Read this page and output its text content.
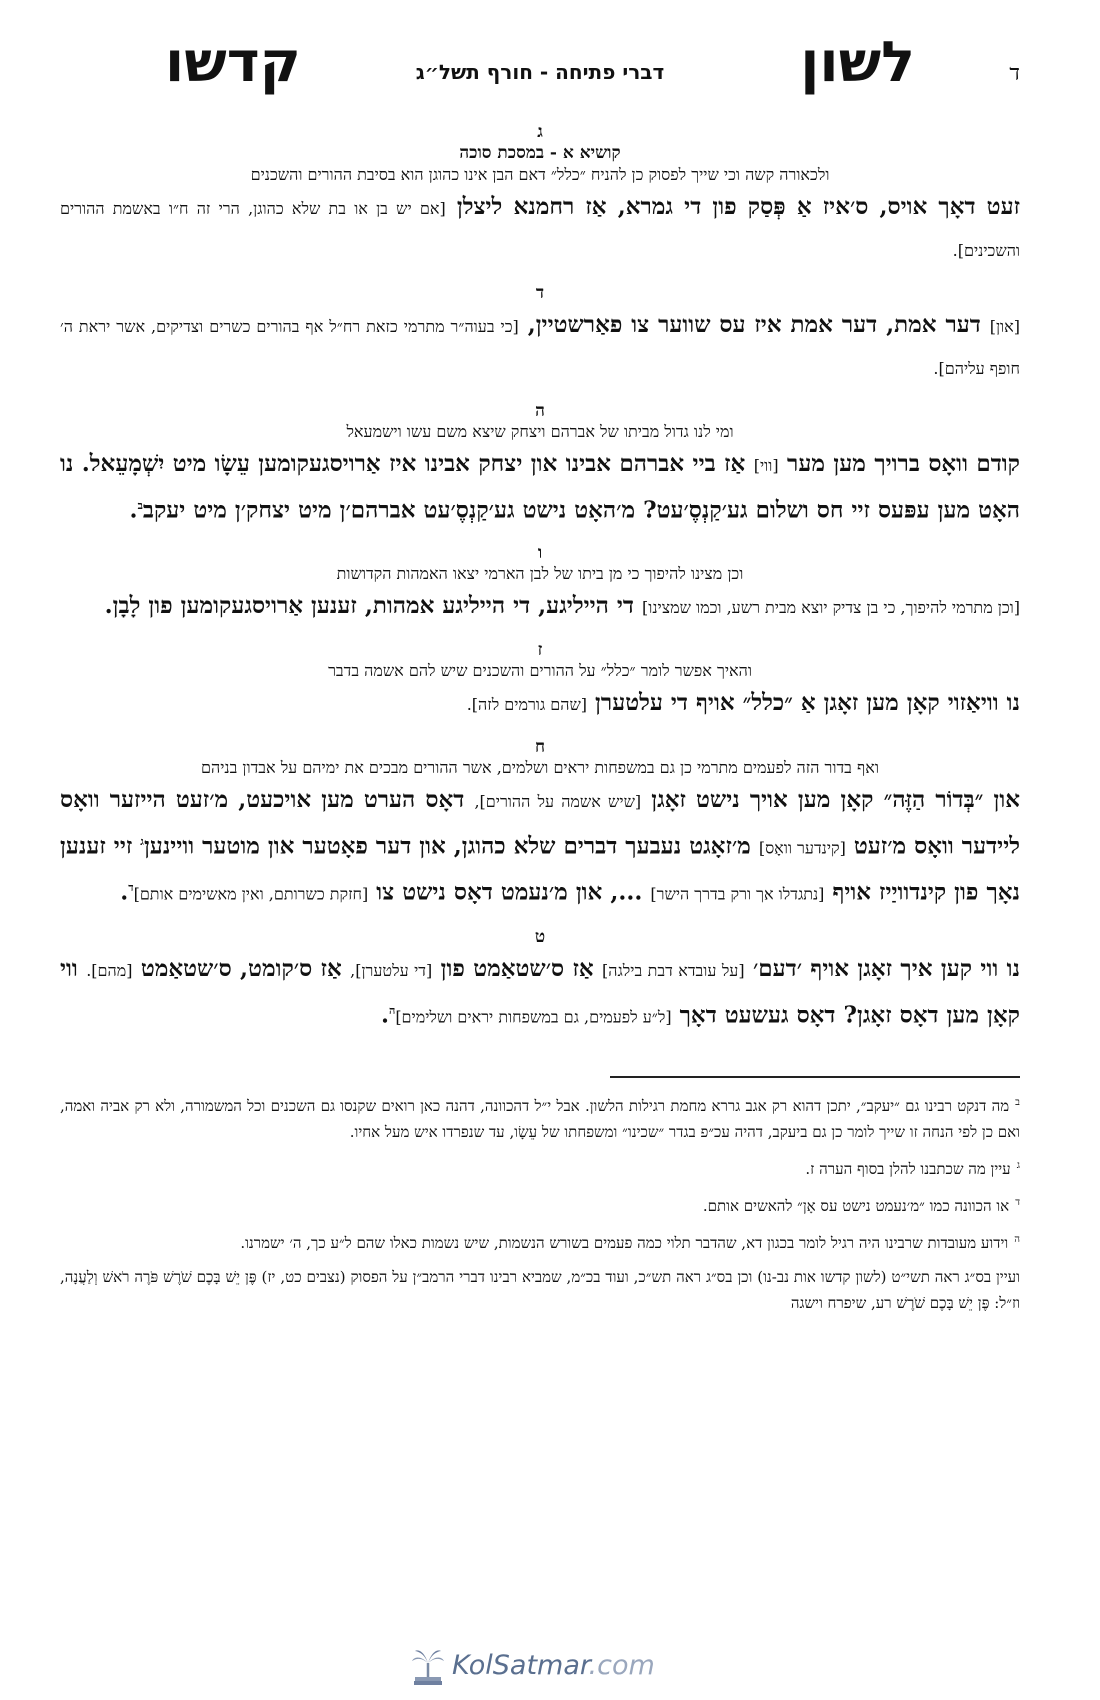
ד
לשון
דברי פתיחה - חורף תשל״ג
קדשו
ג
קושיא א - במסכת סוכה
ולכאורה קשה וכי שייך לפסוק כן להניח ״כלל״ דאם הבן אינו כהוגן הוא בסיבת ההורים והשכנים
זעט דאָך אויס, ס׳איז אַ פְּסַק פון די גמרא, אַז רחמנא ליצלן [אם יש בן או בת שלא כהוגן, הרי זה ח״ו באשמת ההורים והשכינים].
ד
[און] דער אמת, דער אמת איז עס שווער צו פאַרשטיין, [כי בעוה״ר מתרמי כזאת רח״ל אף בהורים כשרים וצדיקים, אשר יראת ה׳ חופף עליהם].
ה
ומי לנו גדול מביתו של אברהם ויצחק שיצא משם עשו וישמעאל
קודם וואָס ברויך מען מער [ווי] אַז ביי אברהם אבינו און יצחק אבינו איז אַרויסגעקומען עֵשָׂו מיט יִשְׁמָעֵאל. נו האָט מען עפּעס זיי חס ושלום גע׳קַנְסֶ׳עט? מ׳האָט נישט גע׳קַנְסֶ׳עט אברהם׳ן מיט יצחק׳ן מיט יעקב$^ב$.
ו
וכן מצינו להיפוך כי מן ביתו של לבן הארמי יצאו האמהות הקדושות
[וכן מתרמי להיפוך, כי בן צדיק יוצא מבית רשע, וכמו שמצינו] די הייליגע, די הייליגע אמהות, זענען אַרויסגעקומען פון לָבָן.
ז
והאיך אפשר לומר ״כלל״ על ההורים והשכנים שיש להם אשמה בדבר
נו וויאַזוי קאָן מען זאָגן אַ ״כלל״ אויף די עלטערן [שהם גורמים לזה].
ח
ואף בדור הזה לפעמים מתרמי כן גם במשפחות יראים ושלמים, אשר ההורים מבכים את ימיהם על אבדון בניהם
און ״בְּדוֹר הַזֶּה״ קאָן מען אויך נישט זאָגן [שיש אשמה על ההורים], דאָס הערט מען אויכעט, מ׳זעט הייזער וואָס ליידער וואָס מ׳זעט [קינדער וואָס] מ׳זאָגט נעבעך דברים שלא כהוגן, און דער פאָטער און מוטער וויינען$^ג$ זיי זענען נאָך פון קינדוויַיז אויף [נתגדלו אך ורק בדרך הישר] ..., און מ׳נעמט דאָס נישט צו [חזקת כשרותם, ואין מאשימים אותם]$^ד$.
ט
נו ווי קען איך זאָגן אויף ׳דעם׳ [על עובדא דבת בילגה] אַז ס׳שטאַמט פון [די עלטערן], אַז ס׳קומט, ס׳שטאַמט [מהם]. ווי קאָן מען דאָס זאָגן? דאָס געשעט דאָך [ל״ע לפעמים, גם במשפחות יראים ושלימים]$^ה$.
$^ב$מה דנקט רבינו גם ״יעקב״, יתכן דהוא רק אגב גררא מחמת רגילות הלשון. אבל י״ל דהכוונה, דהנה כאן רואים שקנסו גם השכנים וכל המשמורה, ולא רק אביה ואמה, ואם כן לפי הנחה זו שייך לומר כן גם ביעקב, דהיה עכ״פ בגדר ״שכינו״ ומשפחתו של עֵשָׂו, עד שנפרדו איש מעל אחיו.
$^ג$עיין מה שכתבנו להלן בסוף הערה ז.
$^ד$או הכוונה כמו ״מ׳נעמט נישט עס אָן״ להאשים אותם.
$^ה$וידוע מעובדות שרבינו היה רגיל לומר בכגון דא, שהדבר תלוי כמה פעמים בשורש הנשמות, שיש נשמות כאלו שהם ל״ע כך, ה׳ ישמרנו.
ועיין בס״ג ראה תשי״ט (לשון קדשו אות נב-נו) וכן בס״ג ראה תש״כ, ועוד בכ״מ, שמביא רבינו דברי הרמב״ן על הפסוק (נצבים כט, יז) פֶּן יֵשׁ בָּכֶם שֹׁרֶשׁ פֹּרֶה רֹאשׁ וְלַעֲנָה, וז״ל: פֶּן יֵשׁ בָּכֶם שֹׁרֶשׁ רע, שיפרח וישגה
KolSatmar.com
